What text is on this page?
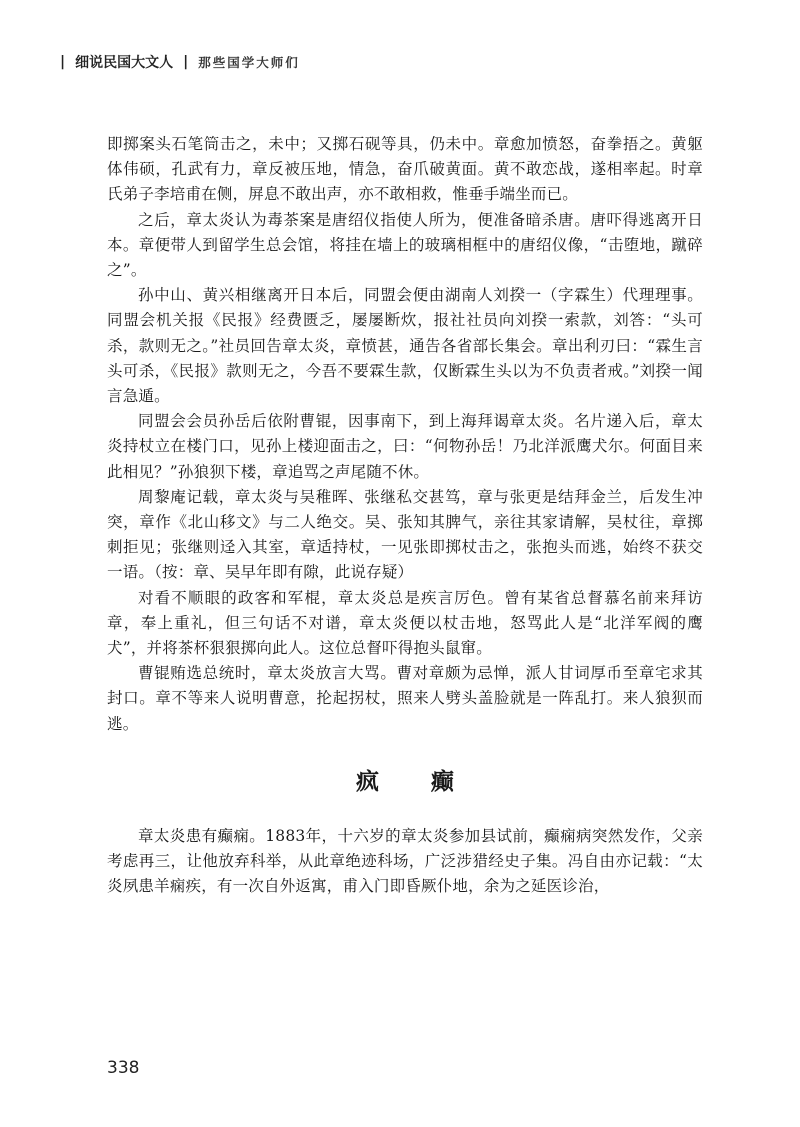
| 细说民国大文人 | 那些国学大师们

即掷案头石笔筒击之，未中；又掷石砚等具，仍未中。章愈加愤怒，奋拳捂之。黄躯体伟硕，孔武有力，章反被压地，情急，奋爪破黄面。黄不敢恋战，遂相率起。时章氏弟子李培甫在侧，屏息不敢出声，亦不敢相救，惟垂手端坐而已。

之后，章太炎认为毒茶案是唐绍仪指使人所为，便准备暗杀唐。唐吓得逃离开日本。章便带人到留学生总会馆，将挂在墙上的玻璃相框中的唐绍仪像，“击堕地，蹴碎之”。

孙中山、黄兴相继离开日本后，同盟会便由湖南人刘揆一（字霖生）代理理事。同盟会机关报《民报》经费匮乏，屡屡断炊，报社社员向刘揆一索款，刘答：“头可杀，款则无之。”社员回告章太炎，章愤甚，通告各省部长集会。章出利刃曰：“霖生言头可杀，《民报》款则无之，今吾不要霖生款，仅断霖生头以为不负责者戒。”刘揆一闻言急遁。

同盟会会员孙岳后依附曹锟，因事南下，到上海拜谒章太炎。名片递入后，章太炎持杖立在楼门口，见孙上楼迎面击之，曰：“何物孙岳！乃北洋派鹰犬尔。何面目来此相见？”孙狼狈下楼，章追骂之声尾随不休。

周黎庵记载，章太炎与吴稚晖、张继私交甚笃，章与张更是结拜金兰，后发生冲突，章作《北山移文》与二人绝交。吴、张知其脾气，亲往其家请解，吴杖往，章掷刺拒见；张继则迳入其室，章适持杖，一见张即掷杖击之，张抱头而逃，始终不获交一语。（按：章、吴早年即有隙，此说存疑）

对看不顺眼的政客和军棍，章太炎总是疾言厉色。曾有某省总督慕名前来拜访章，奉上重礼，但三句话不对谱，章太炎便以杖击地，怒骂此人是“北洋军阀的鹰犬”，并将茶杯狠狠掷向此人。这位总督吓得抱头鼠窜。

曹锟贿选总统时，章太炎放言大骂。曹对章颇为忌惮，派人甘词厚币至章宅求其封口。章不等来人说明曹意，抡起拐杖，照来人劈头盖脸就是一阵乱打。来人狼狈而逃。

疯 癫

章太炎患有癫痫。1883年，十六岁的章太炎参加县试前，癫痫病突然发作，父亲考虑再三，让他放弃科举，从此章绝迹科场，广泛涉猎经史子集。冯自由亦记载：“太炎夙患羊痫疾，有一次自外返寓，甫入门即昏厥仆地，余为之延医诊治，

338
